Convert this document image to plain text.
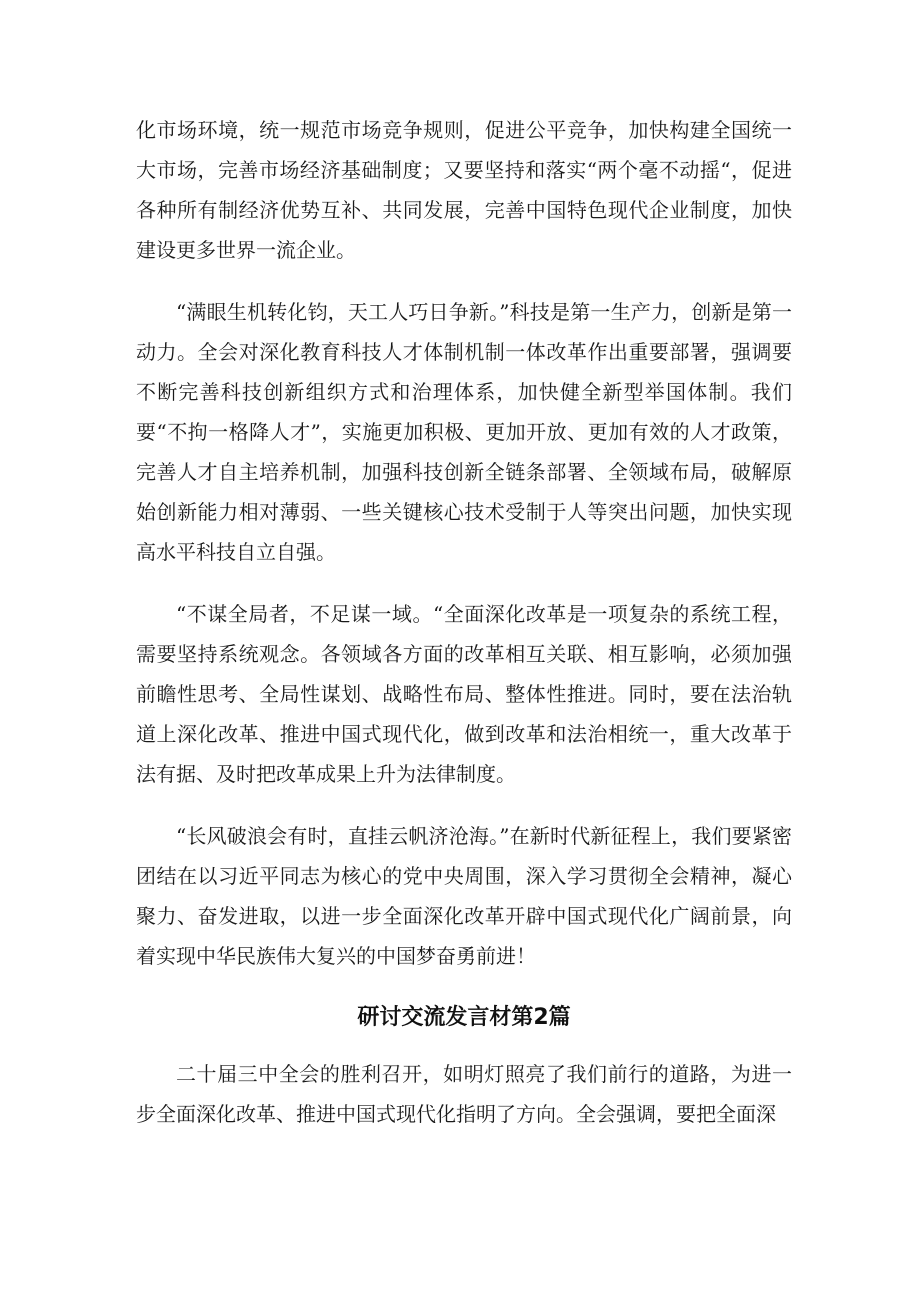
化市场环境，统一规范市场竞争规则，促进公平竞争，加快构建全国统一大市场，完善市场经济基础制度；又要坚持和落实“两个毫不动摇“，促进各种所有制经济优势互补、共同发展，完善中国特色现代企业制度，加快建设更多世界一流企业。

“满眼生机转化钧，天工人巧日争新。”科技是第一生产力，创新是第一动力。全会对深化教育科技人才体制机制一体改革作出重要部署，强调要不断完善科技创新组织方式和治理体系，加快健全新型举国体制。我们要“不拘一格降人才”，实施更加积极、更加开放、更加有效的人才政策，完善人才自主培养机制，加强科技创新全链条部署、全领域布局，破解原始创新能力相对薄弱、一些关键核心技术受制于人等突出问题，加快实现高水平科技自立自强。

“不谋全局者，不足谋一域。“全面深化改革是一项复杂的系统工程，需要坚持系统观念。各领域各方面的改革相互关联、相互影响，必须加强前瞻性思考、全局性谋划、战略性布局、整体性推进。同时，要在法治轨道上深化改革、推进中国式现代化，做到改革和法治相统一，重大改革于法有据、及时把改革成果上升为法律制度。

“长风破浪会有时，直挂云帆济沧海。”在新时代新征程上，我们要紧密团结在以习近平同志为核心的党中央周围，深入学习贯彻全会精神，凝心聚力、奋发进取，以进一步全面深化改革开辟中国式现代化广阔前景，向着实现中华民族伟大复兴的中国梦奋勇前进！

研讨交流发言材第2篇

二十届三中全会的胜利召开，如明灯照亮了我们前行的道路，为进一步全面深化改革、推进中国式现代化指明了方向。全会强调，要把全面深
